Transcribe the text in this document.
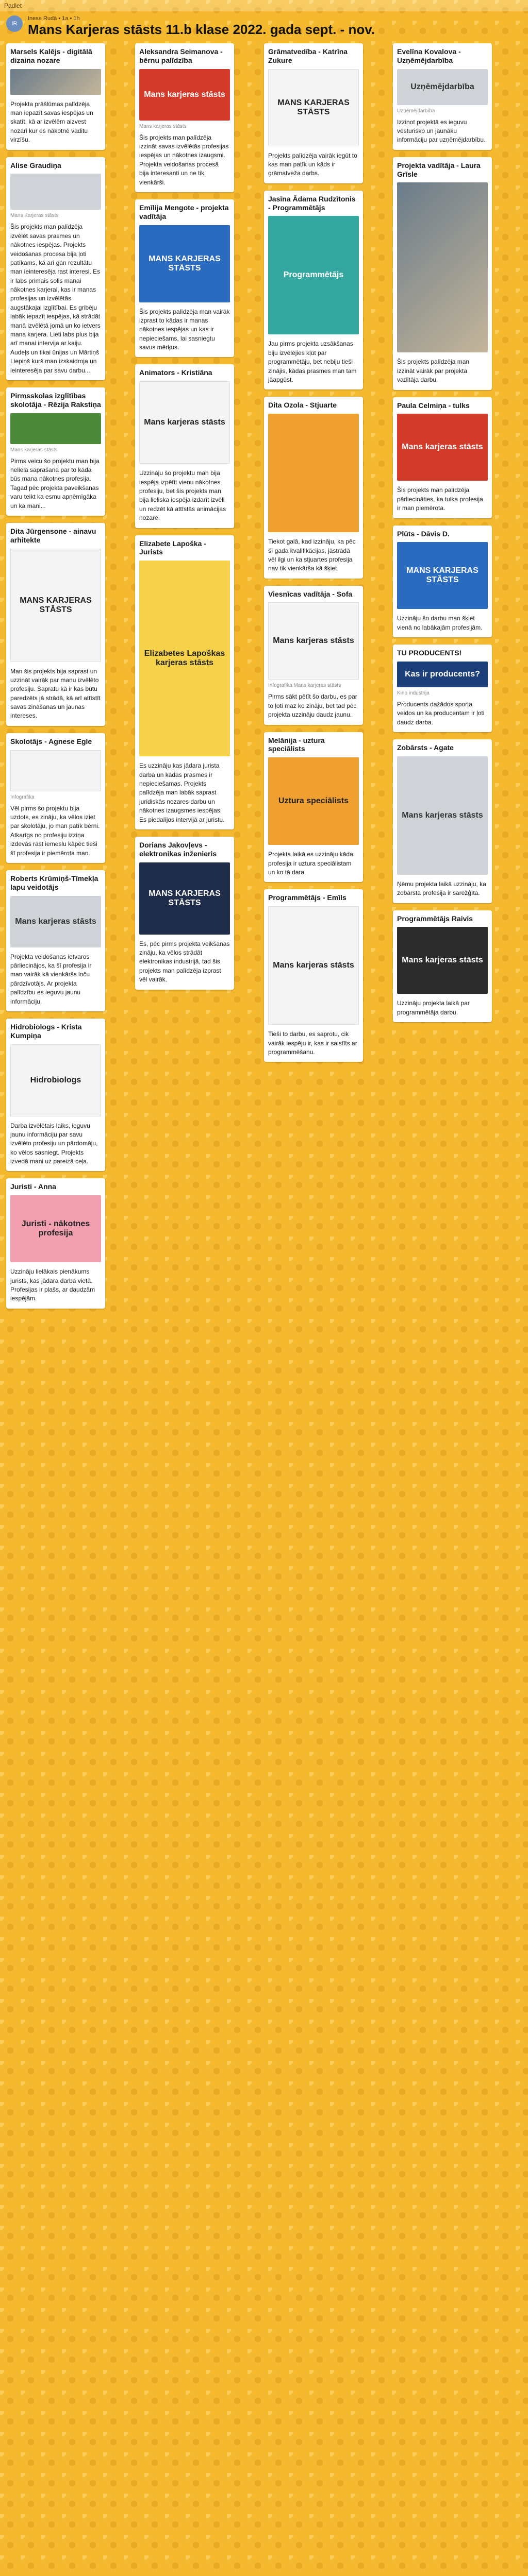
Padlet
IR
Inese Rudā • 1a • 1h
Mans Karjeras stāsts 11.b klase 2022. gada sept. - nov.
Marsels Kalējs - digitālā dizaina nozare

Projekta prāšlūmas palīdzēja man iepazīt savas iespējas un skatīt, kā ar izvēlēm aizvest nozari kur es nākotnē vaditu virzīšu.

Alise Graudiņa
Mans Karjeras stāsts

Šis projekts man palīdzēja izvēlēt savas prasmes un nākotnes iespējas. Projekts veidošanas procesa bija ļoti patīkams, kā arī gan rezultātu man ieinteresēja rast interesi. Es ir labs primais solis manai nākotnes karjerai, kas ir manas profesijas un izvēlētās augstākajai izglītībai. Es gribēju labāk iepazīt iespējas, kā strādāt manā izvēlētā jomā un ko ietvers mana karjera. Lieti labs plus bija arī manai intervija ar kaiju. Audeļs un tikai ūnijas un Mārtiņš Liepiņš kurš man izskaidroja un ieinteresēja par savu darbu...

Pirmsskolas izglītības skolotāja - Rēzija Rakstiņa
Mans karjeras stāsts

Pirms veicu šo projektu man bija neliela saprašana par to kāda būs mana nākotnes profesija. Tagad pēc projekta paveikšanas varu teikt ka esmu apņēmīgāka un ka mani...

Dita Jūrgensone - ainavu arhitekte
MANS KARJERAS STĀSTS

Man šis projekts bija saprast un uzzināt vairāk par manu izvēlēto profesiju. Sapratu kā ir kas būtu paredzēts jā strādā, kā arī attīstīt savas zināšanas un jaunas intereses.

Skolotājs - Agnese Egle
Infografika

Vēl pirms šo projektu bija uzdots, es zināju, ka vēlos iziet par skolotāju, jo man patīk bērni. Atkarīgs no profesiju izziņa izdevās rast iemeslu kāpēc tieši šī profesija ir piemērota man.

Roberts Krūmiņš-Tīmekļa lapu veidotājs
Mans karjeras stāsts

Projekta veidošanas ietvaros pārliecinājos, ka šī profesija ir man vairāk kā vienkāršs loču pārdzīvotājs. Ar projekta palīdzību es ieguvu jaunu informāciju.

Hidrobiologs - Krista Kumpiņa
Hidrobiologs

Darba izvēlētais laiks, ieguvu jaunu informāciju par savu izvēlēto profesiju un pārdomāju, ko vēlos sasniegt. Projekts izvedā mani uz pareizā ceļa.

Juristi - Anna
Juristi - nākotnes profesija

Uzzināju lielākais pienākums jurists, kas jādara darba vietā. Profesijas ir plašs, ar daudzām iespējām.

Aleksandra Seimanova - bērnu palīdzība
Mans karjeras stāsts
Mans karjeras stāsts

Šis projekts man palīdzēja izzināt savas izvēlētās profesijas iespējas un nākotnes izaugsmi. Projekta veidošanas procesā bija interesanti un ne tik vienkārši.

Emīlija Mengote - projekta vadītāja
MANS KARJERAS STĀSTS

Šis projekts palīdzēja man vairāk izprast to kādas ir manas nākotnes iespējas un kas ir nepieciešams, lai sasniegtu savus mērķus.

Animators - Kristiāna
Mans karjeras stāsts

Uzzināju šo projektu man bija iespēja izpētīt vienu nākotnes profesiju, bet šis projekts man bija lieliska iespēja izdarīt izvēli un redzēt kā attīstās animācijas nozare.

Elizabete Lapoška - Jurists
Elizabetes Lapoškas karjeras stāsts

Es uzzināju kas jādara jurista darbā un kādas prasmes ir nepieciešamas. Projekts palīdzēja man labāk saprast juridiskās nozares darbu un nākotnes izaugsmes iespējas. Es piedalījos intervijā ar juristu.

Dorians Jakovļevs - elektronikas inženieris
MANS KARJERAS STĀSTS

Es, pēc pirms projekta veikšanas zināju, ka vēlos strādāt elektronikas industrijā, tad šis projekts man palīdzēja izprast vēl vairāk.

Grāmatvedība - Katrīna Zukure
MANS KARJERAS STĀSTS

Projekts palīdzēja vairāk iegūt to kas man patīk un kāds ir grāmatveža darbs.

Jasīna Ādama Rudzītonis - Programmētājs
Programmētājs

Jau pirms projekta uzsākšanas biju izvēlējies kļūt par programmētāju, bet nebiju tieši zinājis, kādas prasmes man tam jāapgūst.

Dita Ozola - Stjuarte

Tiekot galā, kad izzināju, ka pēc šī gada kvalifikācijas, jāstrādā vēl ilgi un ka stjuartes profesija nav tik vienkārša kā šķiet.

Viesnīcas vadītāja - Sofa
Mans karjeras stāsts
Infografika Mans karjeras stāsts

Pirms sākt pētīt šo darbu, es par to ļoti maz ko zināju, bet tad pēc projekta uzzināju daudz jaunu.

Melānija - uztura speciālists
Uztura speciālists

Projekta laikā es uzzināju kāda profesija ir uztura speciālistam un ko tā dara.

Programmētājs - Emīls
Mans karjeras stāsts

Tieši to darbu, es saprotu, cik vairāk iespēju ir, kas ir saistīts ar programmēšanu.

Evelīna Kovalova - Uzņēmējdarbība
Uzņēmējdarbība
Uzņēmējdarbība

Izzinot projektā es ieguvu vēsturisko un jaunāku informāciju par uzņēmējdarbību.

Projekta vadītāja - Laura Grīsle

Šis projekts palīdzēja man izzināt vairāk par projekta vadītāja darbu.

Paula Celmiņa - tulks
Mans karjeras stāsts

Šis projekts man palīdzēja pārliecināties, ka tulka profesija ir man piemērota.

Plūts - Dāvis D.
MANS KARJERAS STĀSTS

Uzzināju šo darbu man šķiet vienā no labākajām profesijām.

TU PRODUCENTS!
Kas ir producents?
Kino industrija

Producents dažādos sporta veidos un ka producentam ir ļoti daudz darba.

Zobārsts - Agate
Mans karjeras stāsts

Ņēmu projekta laikā uzzināju, ka zobārsta profesija ir sarežģīta.

Programmētājs Raivis
Mans karjeras stāsts

Uzzināju projekta laikā par programmētāja darbu.
